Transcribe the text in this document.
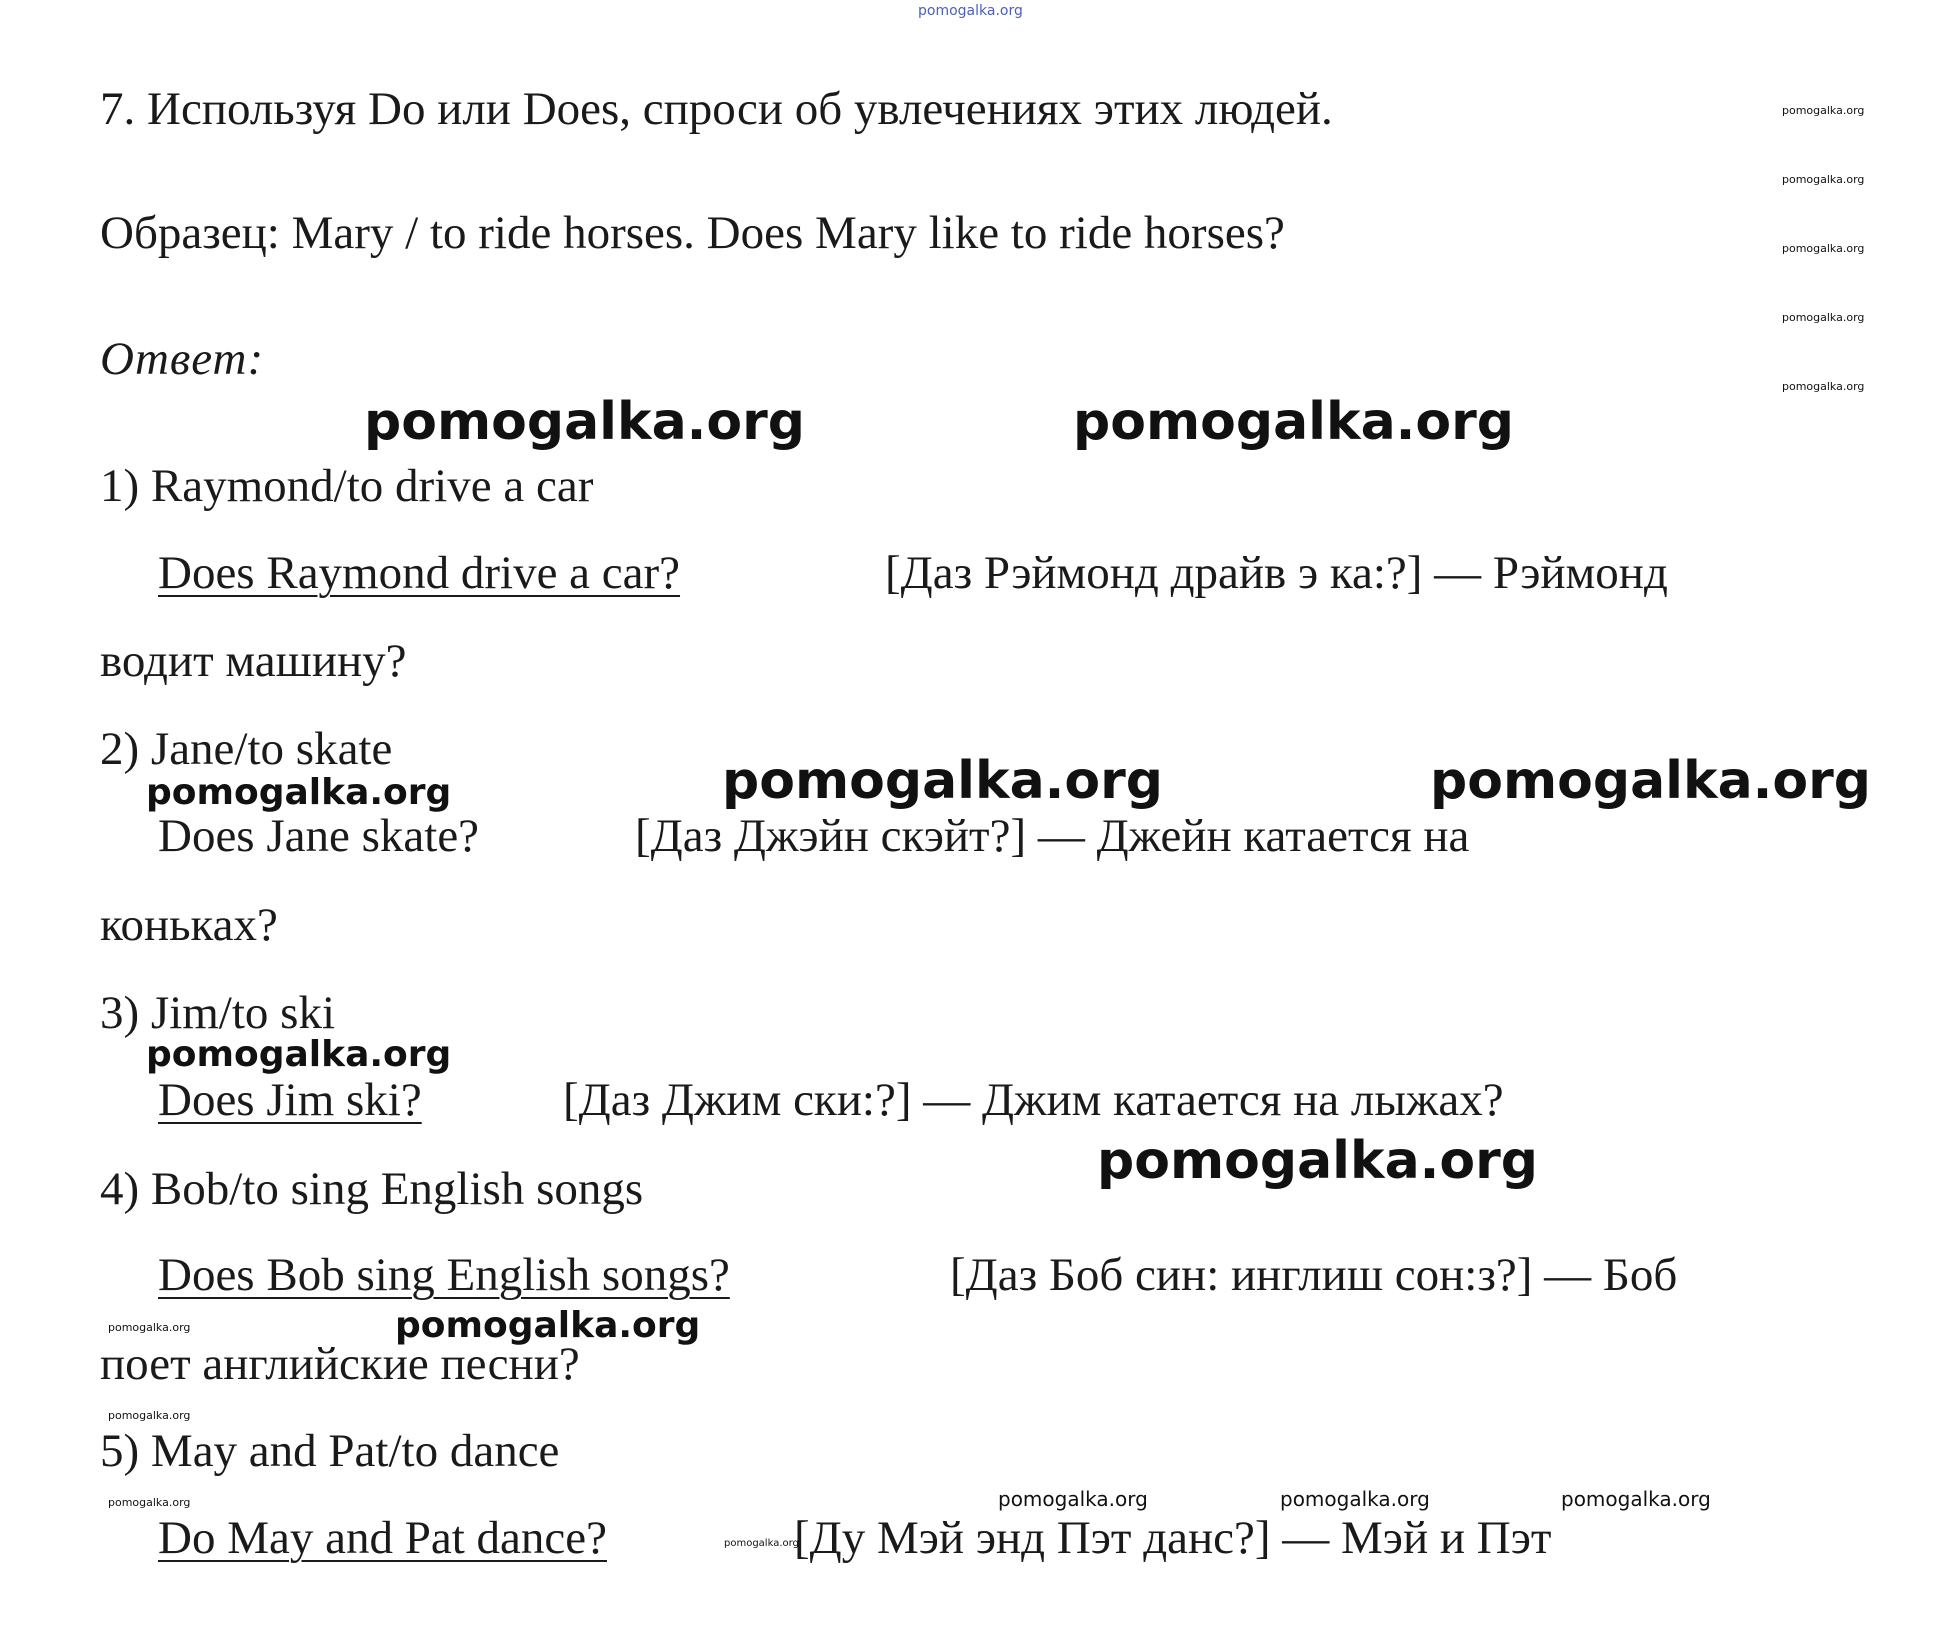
pomogalka.org
7. Используя Do или Does, спроси об увлечениях этих людей.
Образец: Mary / to ride horses. Does Mary like to ride horses?
Ответ:
pomogalka.org
pomogalka.org
pomogalka.org
pomogalka.org
pomogalka.org
pomogalka.org	pomogalka.org
1) Raymond/to drive a car
Does Raymond drive a car?	[Даз Рэймонд драйв э ка:?] — Рэймонд
водит машину?
2) Jane/to skate
pomogalka.org	pomogalka.org	pomogalka.org
Does Jane skate?	[Даз Джэйн скэйт?] — Джейн катается на
коньках?
3) Jim/to ski
pomogalka.org
Does Jim ski?	[Даз Джим ски:?] — Джим катается на лыжах?
pomogalka.org
4) Bob/to sing English songs
Does Bob sing English songs?	[Даз Боб син: инглиш сон:з?] — Боб
pomogalka.org	pomogalka.org
поет английские песни?
pomogalka.org
5) May and Pat/to dance
pomogalka.org	pomogalka.org	pomogalka.org	pomogalka.org
Do May and Pat dance?	pomogalka.org
[Ду Мэй энд Пэт данс?] — Мэй и Пэт
